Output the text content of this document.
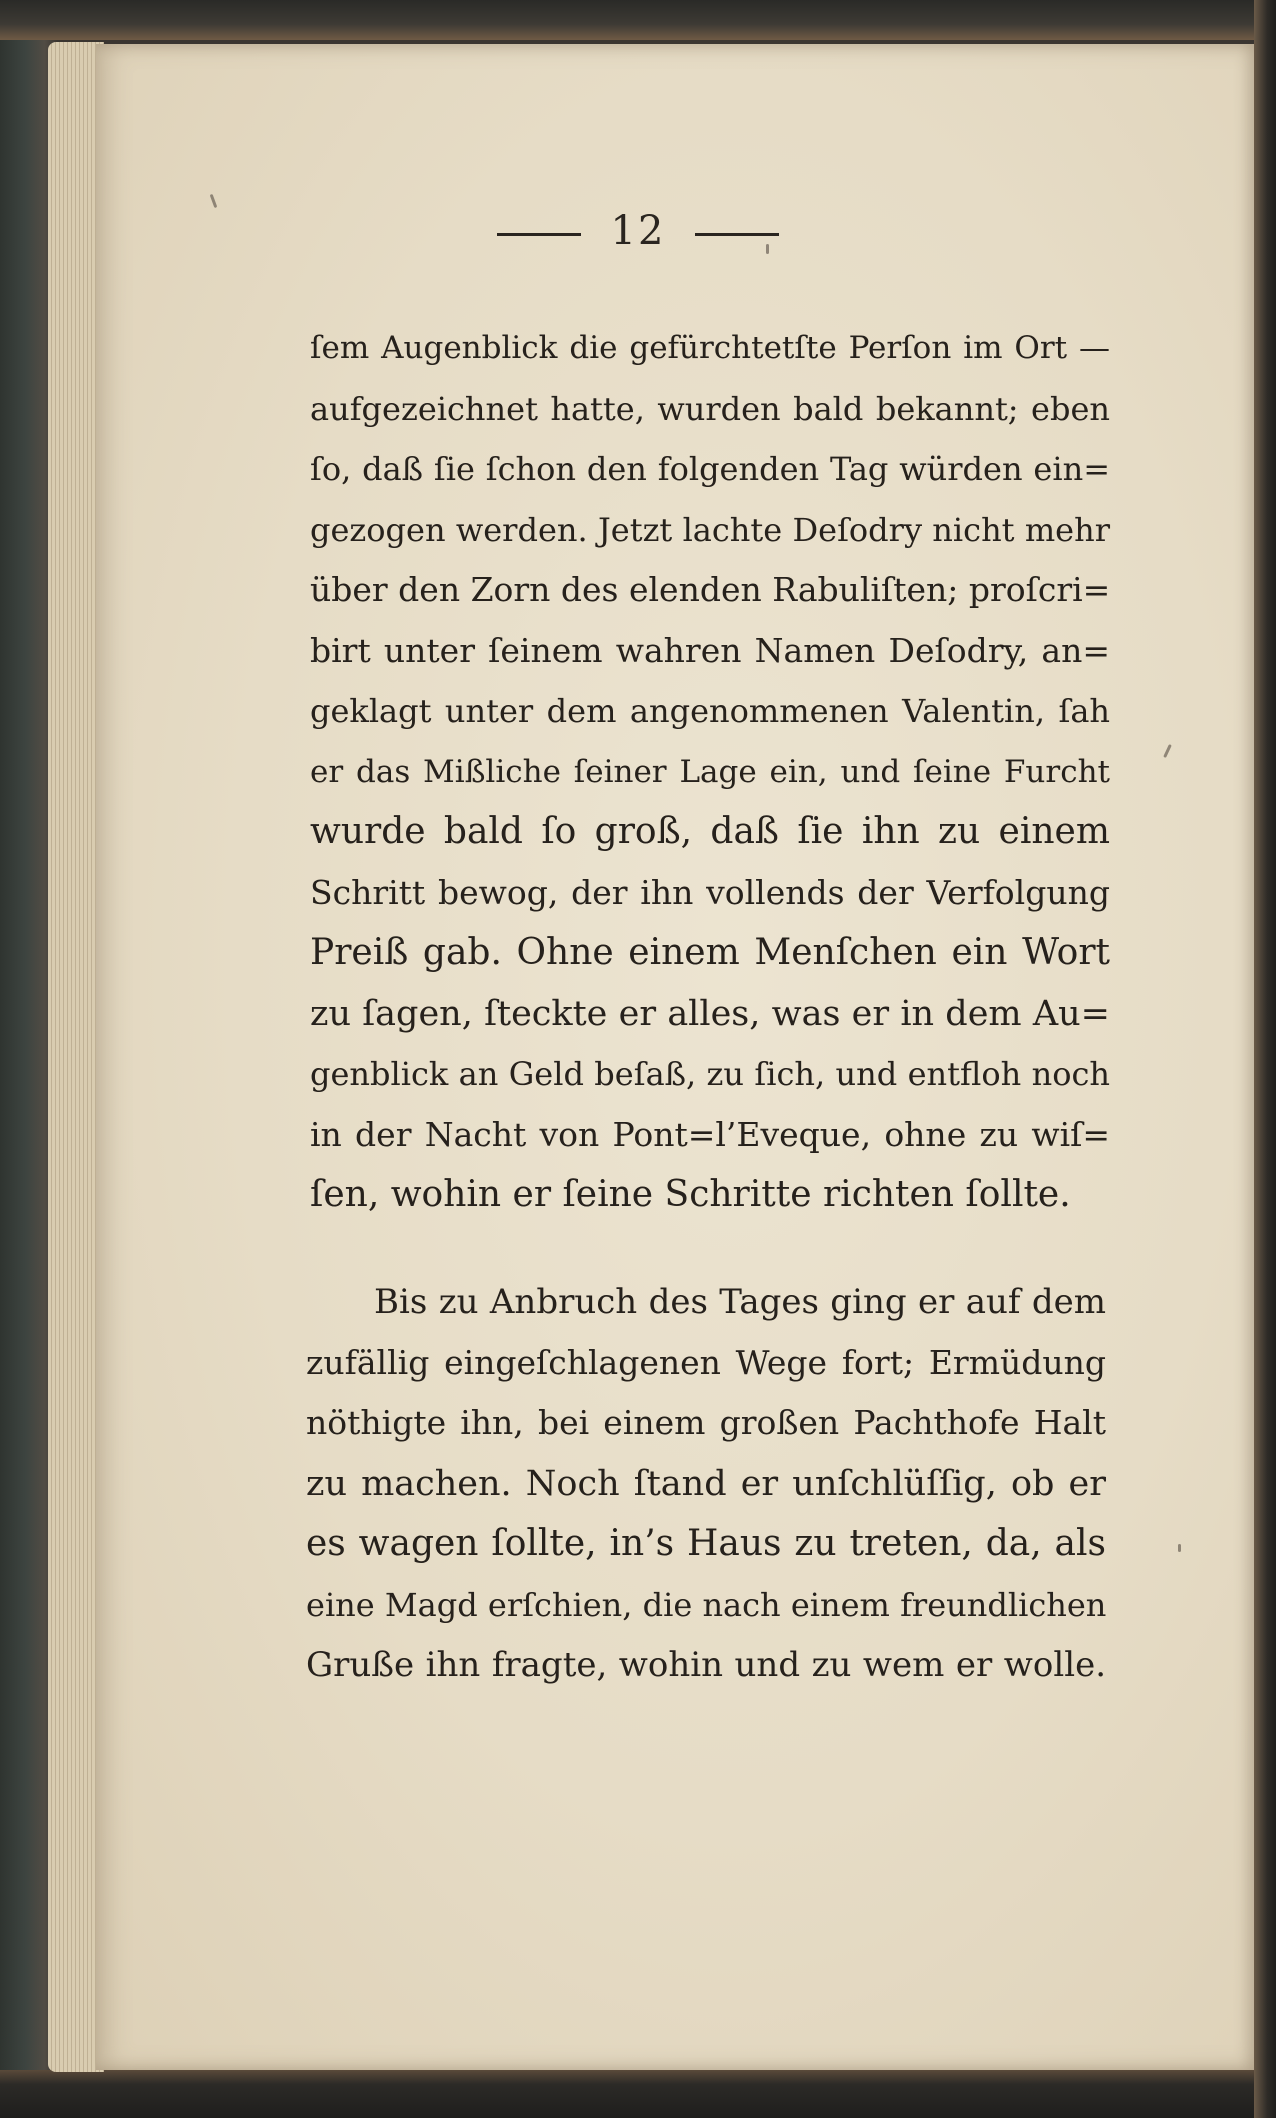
12
ſem Augenblick die gefürchtetſte Perſon im Ort —
aufgezeichnet hatte, wurden bald bekannt; eben
ſo, daß ſie ſchon den folgenden Tag würden ein=
gezogen werden. Jetzt lachte Deſodry nicht mehr
über den Zorn des elenden Rabuliſten; proſcri=
birt unter ſeinem wahren Namen Deſodry, an=
geklagt unter dem angenommenen Valentin, ſah
er das Mißliche ſeiner Lage ein, und ſeine Furcht
wurde bald ſo groß, daß ſie ihn zu einem
Schritt bewog, der ihn vollends der Verfolgung
Preiß gab. Ohne einem Menſchen ein Wort
zu ſagen, ſteckte er alles, was er in dem Au=
genblick an Geld beſaß, zu ſich, und entfloh noch
in der Nacht von Pont=l’Eveque, ohne zu wiſ=
ſen, wohin er ſeine Schritte richten ſollte.
Bis zu Anbruch des Tages ging er auf dem
zufällig eingeſchlagenen Wege fort; Ermüdung
nöthigte ihn, bei einem großen Pachthofe Halt
zu machen. Noch ſtand er unſchlüſſig, ob er
es wagen ſollte, in’s Haus zu treten, da, als
eine Magd erſchien, die nach einem freundlichen
Gruße ihn fragte, wohin und zu wem er wolle.
